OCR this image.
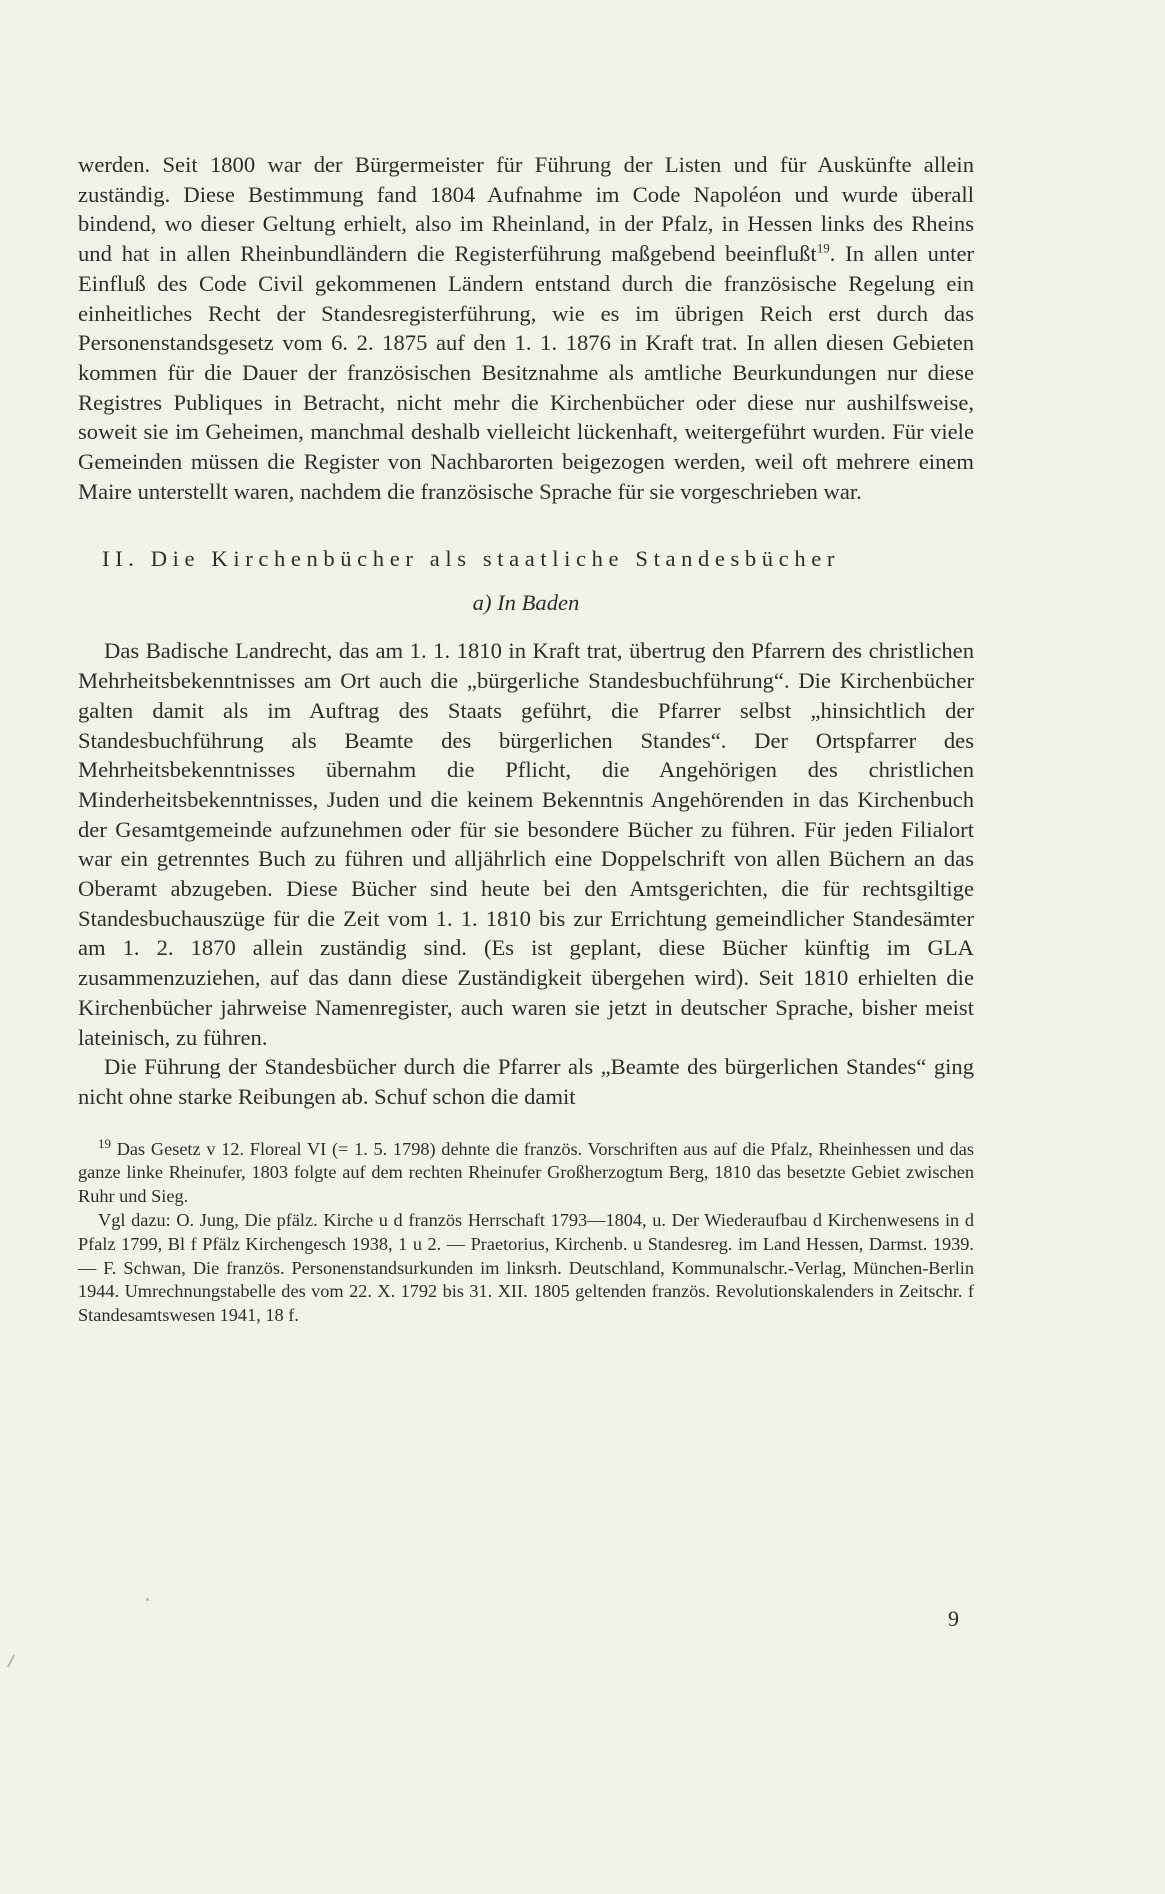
werden. Seit 1800 war der Bürgermeister für Führung der Listen und für Auskünfte allein zuständig. Diese Bestimmung fand 1804 Aufnahme im Code Napoléon und wurde überall bindend, wo dieser Geltung erhielt, also im Rheinland, in der Pfalz, in Hessen links des Rheins und hat in allen Rheinbundländern die Registerführung maßgebend beeinflußt$^{19}$. In allen unter Einfluß des Code Civil gekommenen Ländern entstand durch die französische Regelung ein einheitliches Recht der Standesregisterführung, wie es im übrigen Reich erst durch das Personenstandsgesetz vom 6. 2. 1875 auf den 1. 1. 1876 in Kraft trat. In allen diesen Gebieten kommen für die Dauer der französischen Besitznahme als amtliche Beurkundungen nur diese Registres Publiques in Betracht, nicht mehr die Kirchenbücher oder diese nur aushilfsweise, soweit sie im Geheimen, manchmal deshalb vielleicht lückenhaft, weitergeführt wurden. Für viele Gemeinden müssen die Register von Nachbarorten beigezogen werden, weil oft mehrere einem Maire unterstellt waren, nachdem die französische Sprache für sie vorgeschrieben war.

II. Die Kirchenbücher als staatliche Standesbücher
a) In Baden

Das Badische Landrecht, das am 1. 1. 1810 in Kraft trat, übertrug den Pfarrern des christlichen Mehrheitsbekenntnisses am Ort auch die „bürgerliche Standesbuchführung“. Die Kirchenbücher galten damit als im Auftrag des Staats geführt, die Pfarrer selbst „hinsichtlich der Standesbuchführung als Beamte des bürgerlichen Standes“. Der Ortspfarrer des Mehrheitsbekenntnisses übernahm die Pflicht, die Angehörigen des christlichen Minderheitsbekenntnisses, Juden und die keinem Bekenntnis Angehörenden in das Kirchenbuch der Gesamtgemeinde aufzunehmen oder für sie besondere Bücher zu führen. Für jeden Filialort war ein getrenntes Buch zu führen und alljährlich eine Doppelschrift von allen Büchern an das Oberamt abzugeben. Diese Bücher sind heute bei den Amtsgerichten, die für rechtsgiltige Standesbuchauszüge für die Zeit vom 1. 1. 1810 bis zur Errichtung gemeindlicher Standesämter am 1. 2. 1870 allein zuständig sind. (Es ist geplant, diese Bücher künftig im GLA zusammenzuziehen, auf das dann diese Zuständigkeit übergehen wird). Seit 1810 erhielten die Kirchenbücher jahrweise Namenregister, auch waren sie jetzt in deutscher Sprache, bisher meist lateinisch, zu führen.

Die Führung der Standesbücher durch die Pfarrer als „Beamte des bürgerlichen Standes“ ging nicht ohne starke Reibungen ab. Schuf schon die damit

$^{19}$ Das Gesetz v 12. Floreal VI (= 1. 5. 1798) dehnte die französ. Vorschriften aus auf die Pfalz, Rheinhessen und das ganze linke Rheinufer, 1803 folgte auf dem rechten Rheinufer Großherzogtum Berg, 1810 das besetzte Gebiet zwischen Ruhr und Sieg.

Vgl dazu: O. Jung, Die pfälz. Kirche u d französ Herrschaft 1793—1804, u. Der Wiederaufbau d Kirchenwesens in d Pfalz 1799, Bl f Pfälz Kirchengesch 1938, 1 u 2. — Praetorius, Kirchenb. u Standesreg. im Land Hessen, Darmst. 1939. — F. Schwan, Die französ. Personenstandsurkunden im linksrh. Deutschland, Kommunalschr.-Verlag, München-Berlin 1944. Umrechnungstabelle des vom 22. X. 1792 bis 31. XII. 1805 geltenden französ. Revolutionskalenders in Zeitschr. f Standesamtswesen 1941, 18 f.

9
